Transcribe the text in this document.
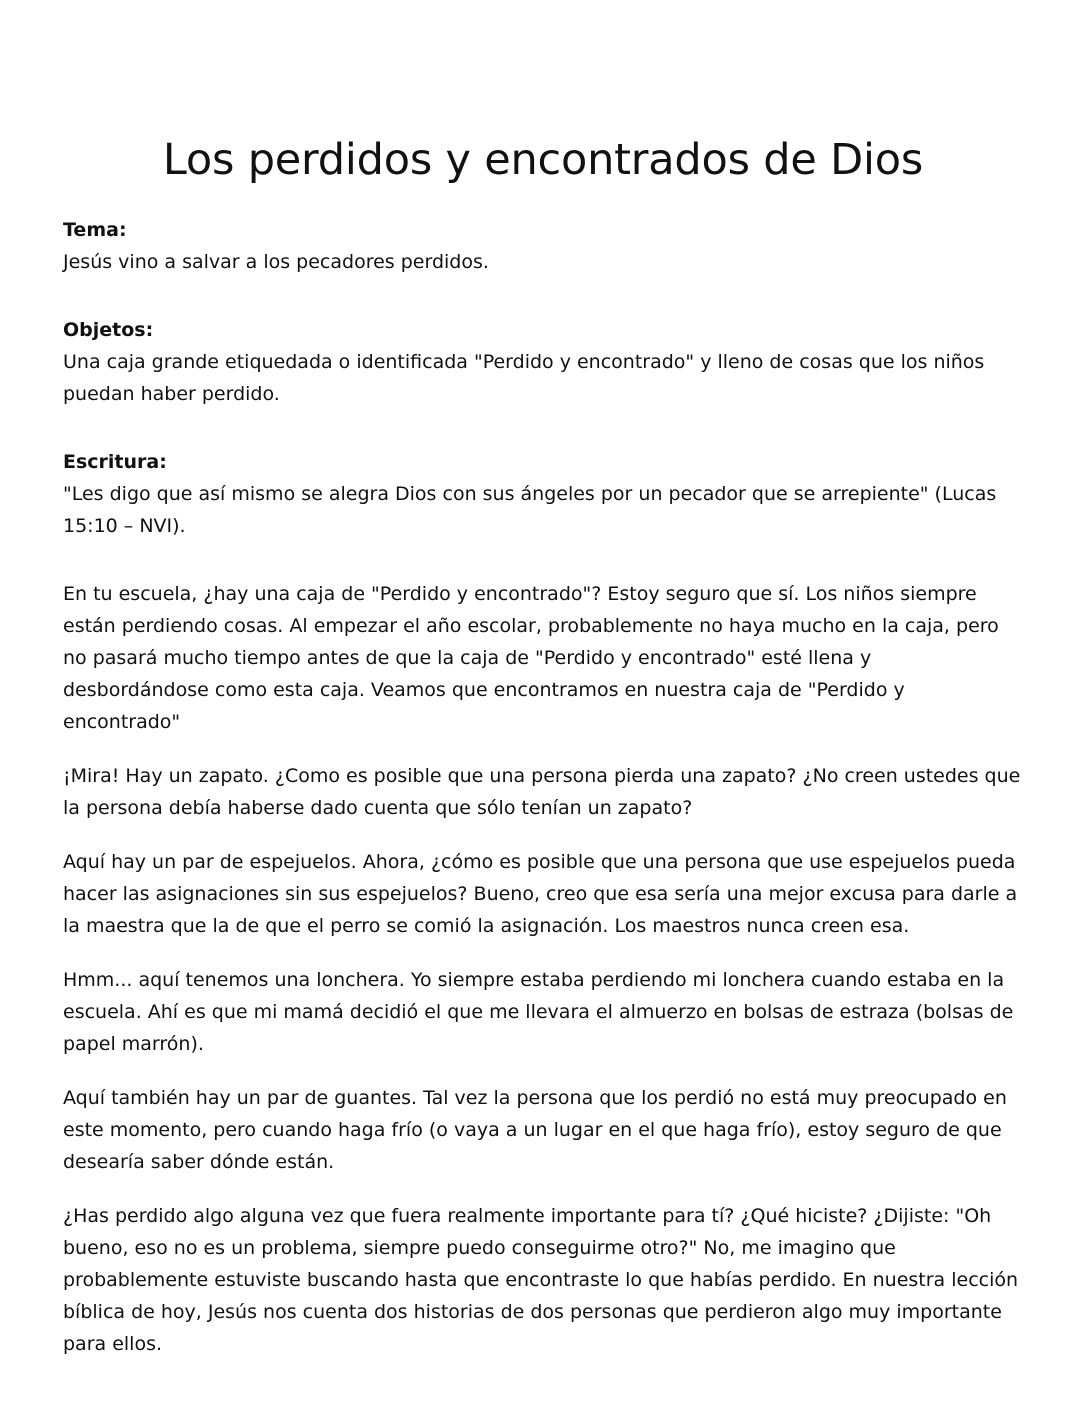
Los perdidos y encontrados de Dios

Tema:

Jesús vino a salvar a los pecadores perdidos.

Objetos:

Una caja grande etiquedada o identificada "Perdido y encontrado" y lleno de cosas que los niños puedan haber perdido.

Escritura:

"Les digo que así mismo se alegra Dios con sus ángeles por un pecador que se arrepiente" (Lucas 15:10 – NVI).

En tu escuela, ¿hay una caja de "Perdido y encontrado"? Estoy seguro que sí. Los niños siempre están perdiendo cosas. Al empezar el año escolar, probablemente no haya mucho en la caja, pero no pasará mucho tiempo antes de que la caja de "Perdido y encontrado" esté llena y desbordándose como esta caja. Veamos que encontramos en nuestra caja de "Perdido y encontrado"

¡Mira! Hay un zapato. ¿Como es posible que una persona pierda una zapato? ¿No creen ustedes que la persona debía haberse dado cuenta que sólo tenían un zapato?

Aquí hay un par de espejuelos. Ahora, ¿cómo es posible que una persona que use espejuelos pueda hacer las asignaciones sin sus espejuelos? Bueno, creo que esa sería una mejor excusa para darle a la maestra que la de que el perro se comió la asignación. Los maestros nunca creen esa.

Hmm... aquí tenemos una lonchera. Yo siempre estaba perdiendo mi lonchera cuando estaba en la escuela. Ahí es que mi mamá decidió el que me llevara el almuerzo en bolsas de estraza (bolsas de papel marrón).

Aquí también hay un par de guantes. Tal vez la persona que los perdió no está muy preocupado en este momento, pero cuando haga frío (o vaya a un lugar en el que haga frío), estoy seguro de que desearía saber dónde están.

¿Has perdido algo alguna vez que fuera realmente importante para tí? ¿Qué hiciste? ¿Dijiste: "Oh bueno, eso no es un problema, siempre puedo conseguirme otro?" No, me imagino que probablemente estuviste buscando hasta que encontraste lo que habías perdido. En nuestra lección bíblica de hoy, Jesús nos cuenta dos historias de dos personas que perdieron algo muy importante para ellos.
